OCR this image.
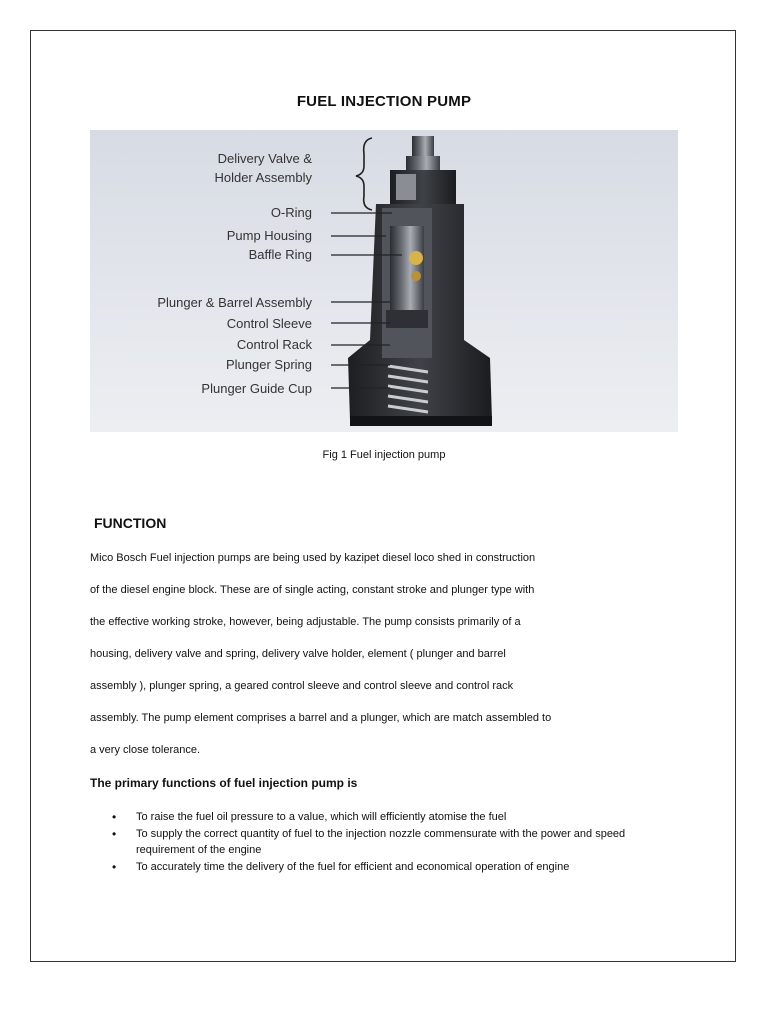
FUEL INJECTION PUMP
Delivery Valve &
Holder Assembly
O-Ring
Pump Housing
Baffle Ring
Plunger & Barrel Assembly
Control Sleeve
Control Rack
Plunger Spring
Plunger Guide Cup
Fig 1 Fuel injection pump
FUNCTION
Mico Bosch Fuel injection pumps are being used by kazipet diesel loco shed in construction
of the diesel engine block. These are of single acting, constant stroke and plunger type with
the effective working stroke, however, being adjustable. The pump consists primarily of a
housing, delivery valve and spring, delivery valve holder, element ( plunger and barrel
assembly ), plunger spring, a geared control sleeve and control sleeve and control rack
assembly. The pump element comprises a barrel and a plunger, which are match assembled to
a very close tolerance.
The primary functions of fuel injection pump is
• To raise the fuel oil pressure to a value, which will efficiently atomise the fuel
• To supply the correct quantity of fuel to the injection nozzle commensurate with the power and speed requirement of the engine
• To accurately time the delivery of the fuel for efficient and economical operation of engine
